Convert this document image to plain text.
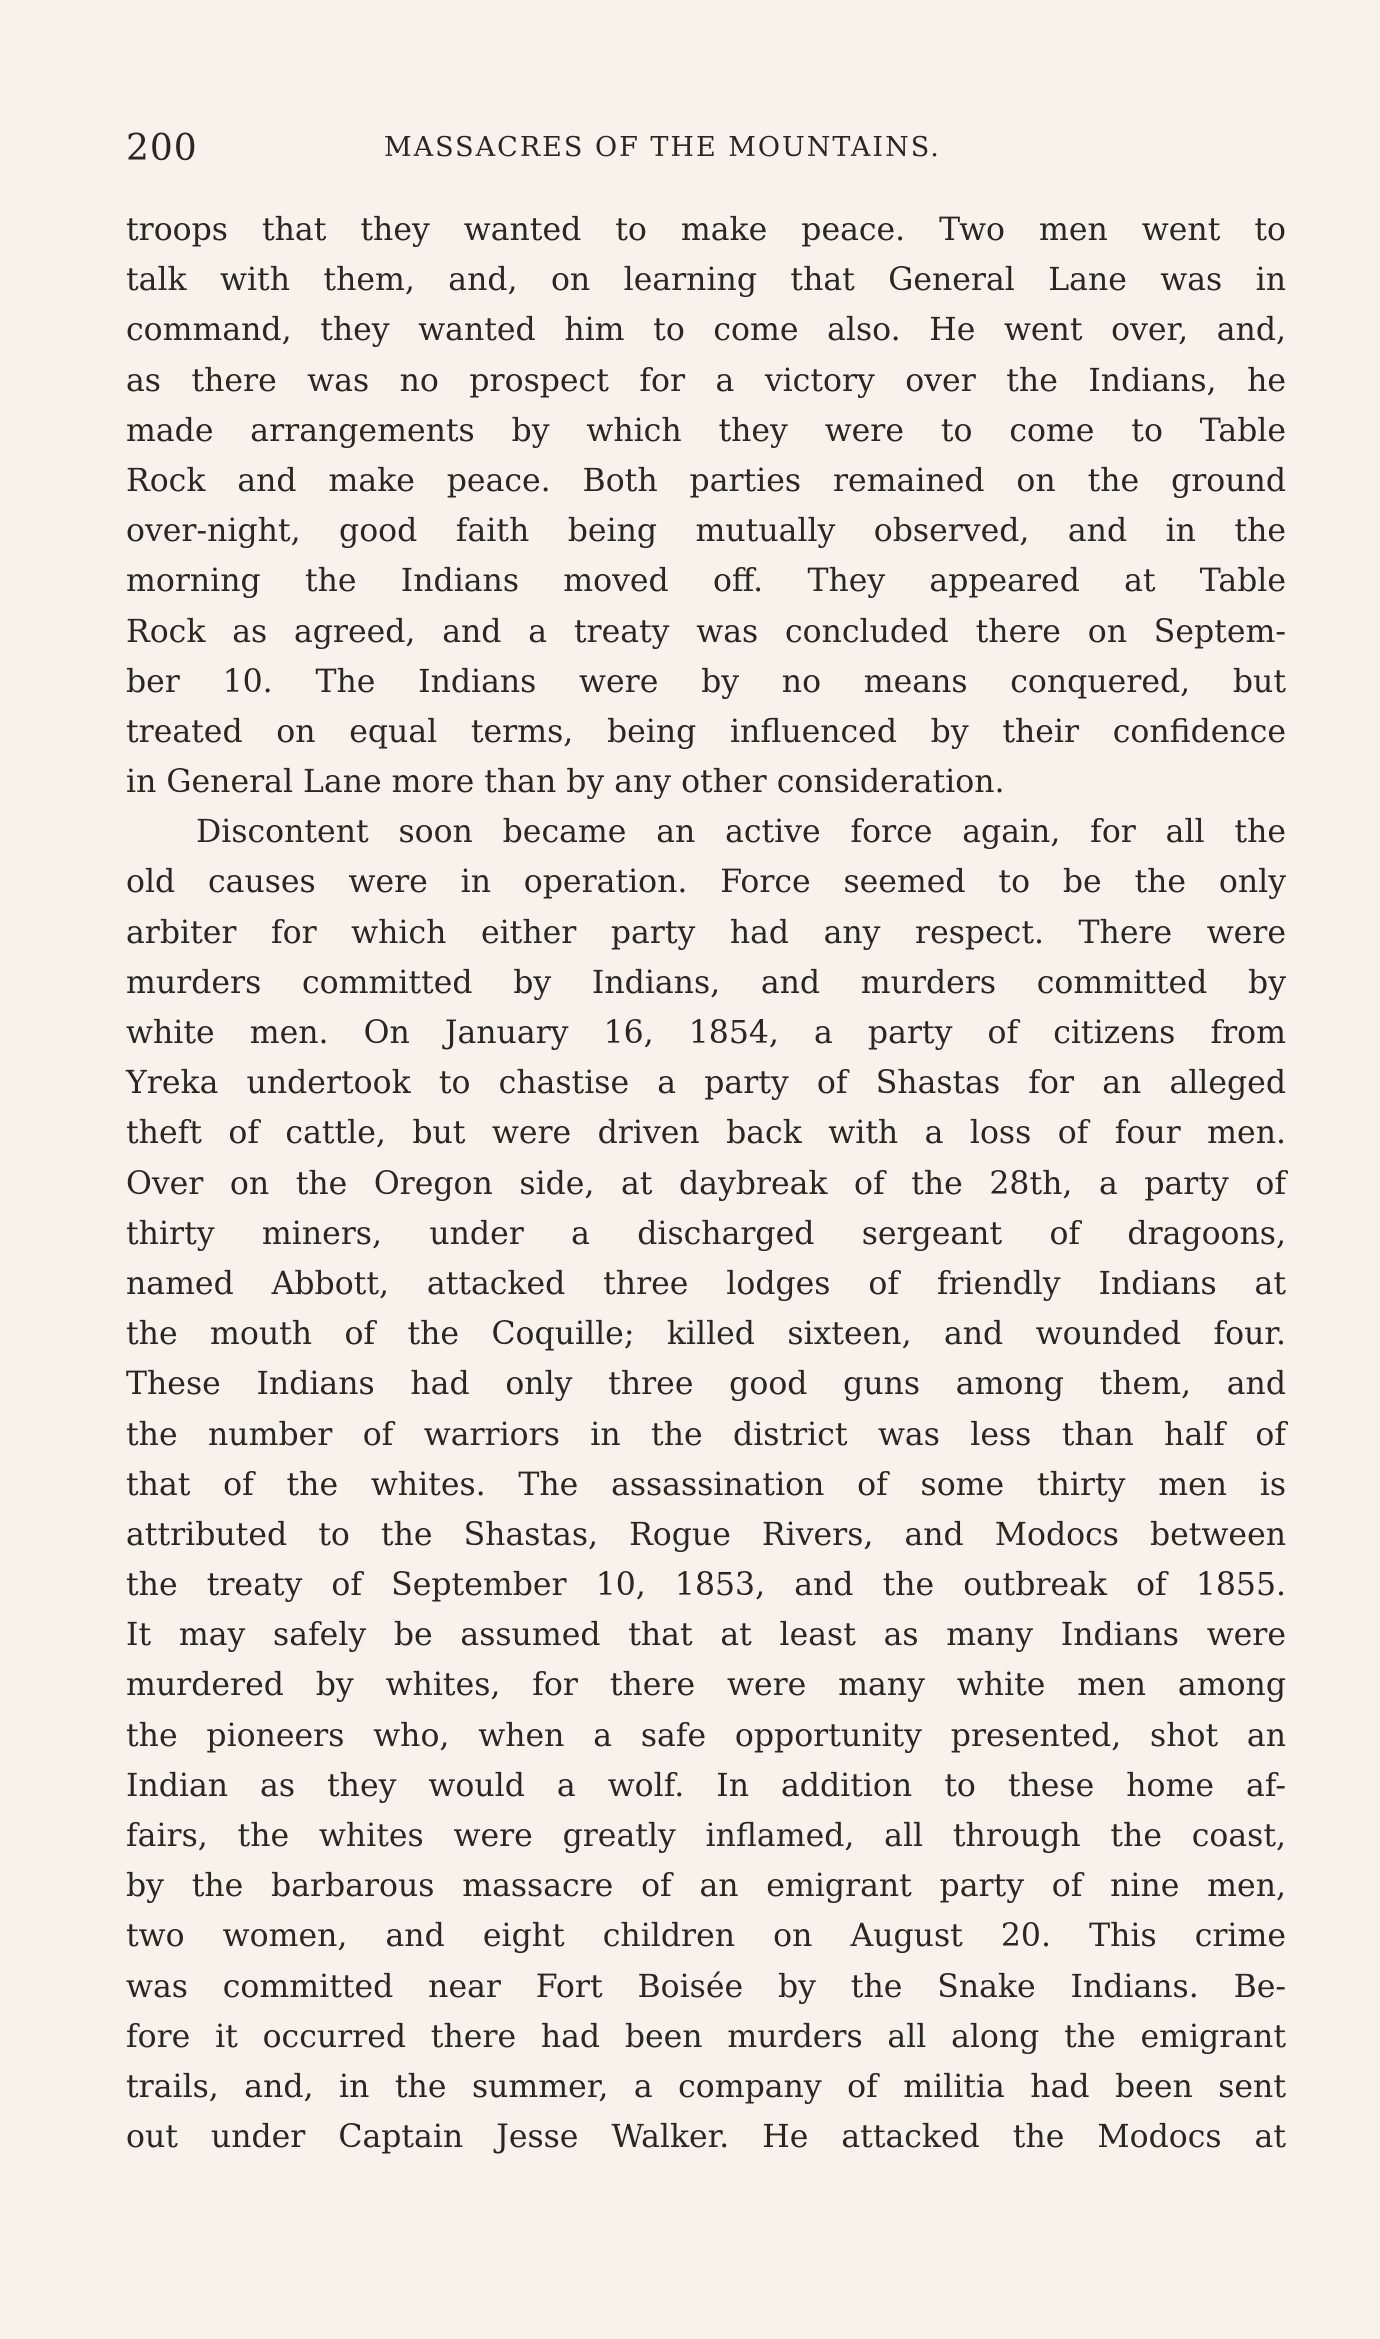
200	MASSACRES OF THE MOUNTAINS.
troops that they wanted to make peace. Two men went to
talk with them, and, on learning that General Lane was in
command, they wanted him to come also. He went over, and,
as there was no prospect for a victory over the Indians, he
made arrangements by which they were to come to Table
Rock and make peace. Both parties remained on the ground
over-night, good faith being mutually observed, and in the
morning the Indians moved off. They appeared at Table
Rock as agreed, and a treaty was concluded there on Septem-
ber 10. The Indians were by no means conquered, but
treated on equal terms, being influenced by their confidence
in General Lane more than by any other consideration.
Discontent soon became an active force again, for all the
old causes were in operation. Force seemed to be the only
arbiter for which either party had any respect. There were
murders committed by Indians, and murders committed by
white men. On January 16, 1854, a party of citizens from
Yreka undertook to chastise a party of Shastas for an alleged
theft of cattle, but were driven back with a loss of four men.
Over on the Oregon side, at daybreak of the 28th, a party of
thirty miners, under a discharged sergeant of dragoons,
named Abbott, attacked three lodges of friendly Indians at
the mouth of the Coquille; killed sixteen, and wounded four.
These Indians had only three good guns among them, and
the number of warriors in the district was less than half of
that of the whites. The assassination of some thirty men is
attributed to the Shastas, Rogue Rivers, and Modocs between
the treaty of September 10, 1853, and the outbreak of 1855.
It may safely be assumed that at least as many Indians were
murdered by whites, for there were many white men among
the pioneers who, when a safe opportunity presented, shot an
Indian as they would a wolf. In addition to these home af-
fairs, the whites were greatly inflamed, all through the coast,
by the barbarous massacre of an emigrant party of nine men,
two women, and eight children on August 20. This crime
was committed near Fort Boisée by the Snake Indians. Be-
fore it occurred there had been murders all along the emigrant
trails, and, in the summer, a company of militia had been sent
out under Captain Jesse Walker. He attacked the Modocs at
